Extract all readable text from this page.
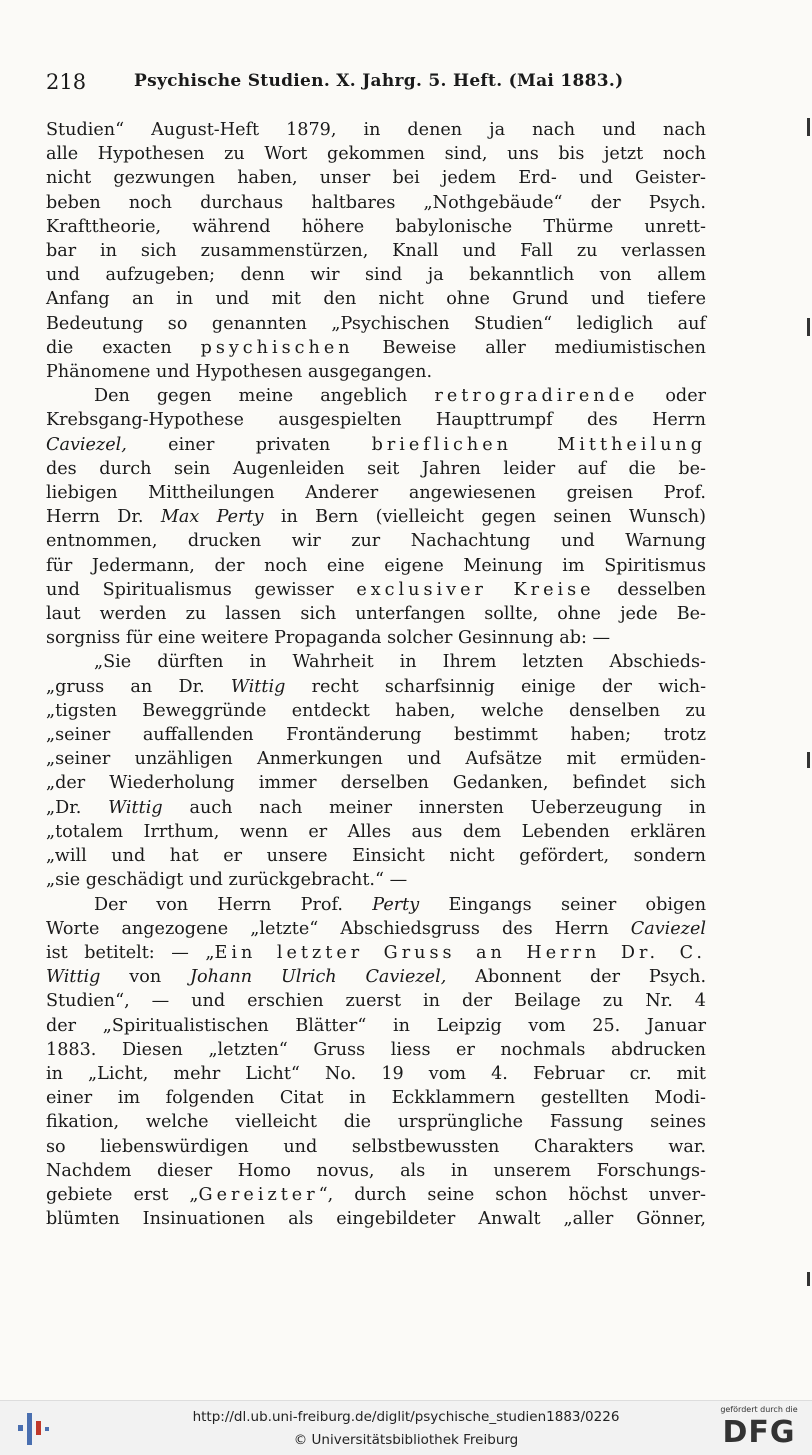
218	Psychische Studien. X. Jahrg. 5. Heft. (Mai 1883.)

Studien“ August-Heft 1879, in denen ja nach und nach
alle Hypothesen zu Wort gekommen sind, uns bis jetzt noch
nicht gezwungen haben, unser bei jedem Erd- und Geister-
beben noch durchaus haltbares „Nothgebäude“ der Psych.
Krafttheorie, während höhere babylonische Thürme unrett-
bar in sich zusammenstürzen, Knall und Fall zu verlassen
und aufzugeben; denn wir sind ja bekanntlich von allem
Anfang an in und mit den nicht ohne Grund und tiefere
Bedeutung so genannten „Psychischen Studien“ lediglich auf
die exacten psychischen Beweise aller mediumistischen
Phänomene und Hypothesen ausgegangen.

Den gegen meine angeblich retrogradirende oder
Krebsgang-Hypothese ausgespielten Haupttrumpf des Herrn
Caviezel, einer privaten brieflichen Mittheilung
des durch sein Augenleiden seit Jahren leider auf die be-
liebigen Mittheilungen Anderer angewiesenen greisen Prof.
Herrn Dr. Max Perty in Bern (vielleicht gegen seinen Wunsch)
entnommen, drucken wir zur Nachachtung und Warnung
für Jedermann, der noch eine eigene Meinung im Spiritismus
und Spiritualismus gewisser exclusiver Kreise desselben
laut werden zu lassen sich unterfangen sollte, ohne jede Be-
sorgniss für eine weitere Propaganda solcher Gesinnung ab: —

„Sie dürften in Wahrheit in Ihrem letzten Abschieds-
„gruss an Dr. Wittig recht scharfsinnig einige der wich-
„tigsten Beweggründe entdeckt haben, welche denselben zu
„seiner auffallenden Frontänderung bestimmt haben; trotz
„seiner unzähligen Anmerkungen und Aufsätze mit ermüden-
„der Wiederholung immer derselben Gedanken, befindet sich
„Dr. Wittig auch nach meiner innersten Ueberzeugung in
„totalem Irrthum, wenn er Alles aus dem Lebenden erklären
„will und hat er unsere Einsicht nicht gefördert, sondern
„sie geschädigt und zurückgebracht.“ —

Der von Herrn Prof. Perty Eingangs seiner obigen
Worte angezogene „letzte“ Abschiedsgruss des Herrn Caviezel
ist betitelt: — „Ein letzter Gruss an Herrn Dr. C.
Wittig von Johann Ulrich Caviezel, Abonnent der Psych.
Studien“, — und erschien zuerst in der Beilage zu Nr. 4
der „Spiritualistischen Blätter“ in Leipzig vom 25. Januar
1883. Diesen „letzten“ Gruss liess er nochmals abdrucken
in „Licht, mehr Licht“ No. 19 vom 4. Februar cr. mit
einer im folgenden Citat in Eckklammern gestellten Modi-
fikation, welche vielleicht die ursprüngliche Fassung seines
so liebenswürdigen und selbstbewussten Charakters war.
Nachdem dieser Homo novus, als in unserem Forschungs-
gebiete erst „Gereizter“, durch seine schon höchst unver-
blümten Insinuationen als eingebildeter Anwalt „aller Gönner,

http://dl.ub.uni-freiburg.de/diglit/psychische_studien1883/0226
© Universitätsbibliothek Freiburg
gefördert durch die
DFG
